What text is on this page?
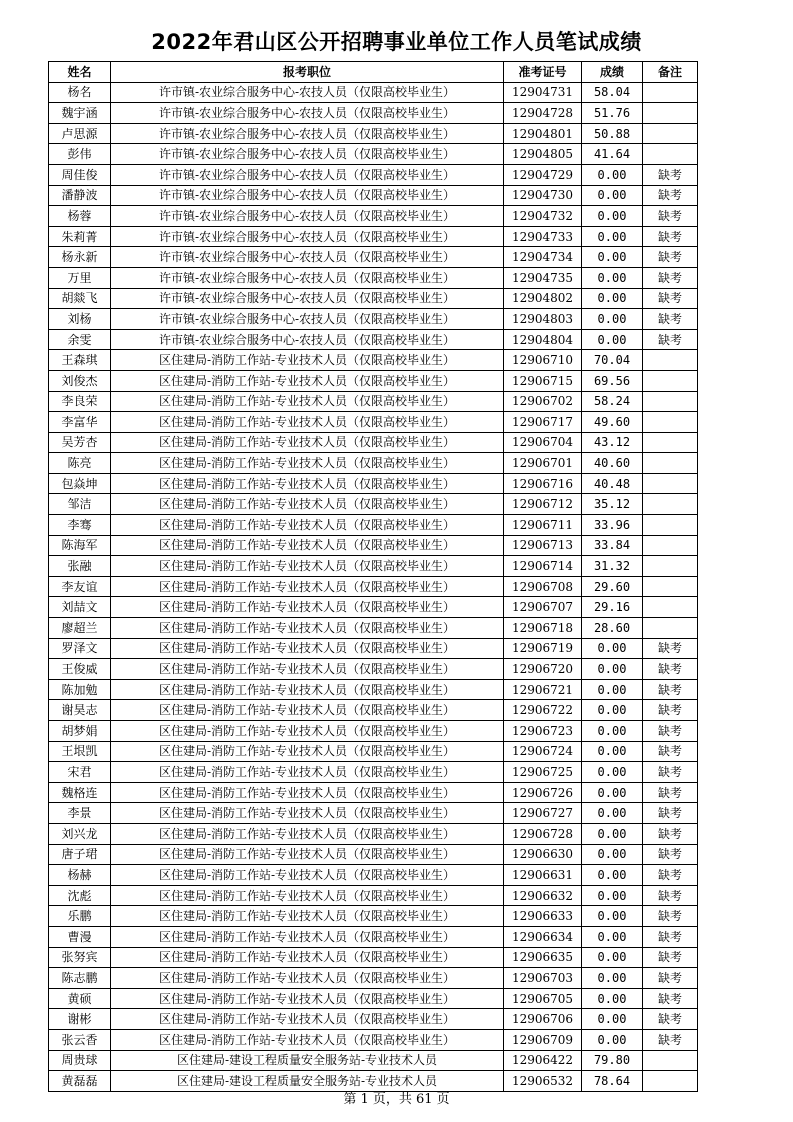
2022年君山区公开招聘事业单位工作人员笔试成绩
姓名	报考职位	准考证号	成绩	备注
杨名	许市镇-农业综合服务中心-农技人员（仅限高校毕业生）	12904731	58.04	
魏宇涵	许市镇-农业综合服务中心-农技人员（仅限高校毕业生）	12904728	51.76	
卢思源	许市镇-农业综合服务中心-农技人员（仅限高校毕业生）	12904801	50.88	
彭伟	许市镇-农业综合服务中心-农技人员（仅限高校毕业生）	12904805	41.64	
周佳俊	许市镇-农业综合服务中心-农技人员（仅限高校毕业生）	12904729	0.00	缺考
潘静波	许市镇-农业综合服务中心-农技人员（仅限高校毕业生）	12904730	0.00	缺考
杨蓉	许市镇-农业综合服务中心-农技人员（仅限高校毕业生）	12904732	0.00	缺考
朱莉菁	许市镇-农业综合服务中心-农技人员（仅限高校毕业生）	12904733	0.00	缺考
杨永新	许市镇-农业综合服务中心-农技人员（仅限高校毕业生）	12904734	0.00	缺考
万里	许市镇-农业综合服务中心-农技人员（仅限高校毕业生）	12904735	0.00	缺考
胡燚飞	许市镇-农业综合服务中心-农技人员（仅限高校毕业生）	12904802	0.00	缺考
刘杨	许市镇-农业综合服务中心-农技人员（仅限高校毕业生）	12904803	0.00	缺考
余雯	许市镇-农业综合服务中心-农技人员（仅限高校毕业生）	12904804	0.00	缺考
王森琪	区住建局-消防工作站-专业技术人员（仅限高校毕业生）	12906710	70.04	
刘俊杰	区住建局-消防工作站-专业技术人员（仅限高校毕业生）	12906715	69.56	
李良荣	区住建局-消防工作站-专业技术人员（仅限高校毕业生）	12906702	58.24	
李富华	区住建局-消防工作站-专业技术人员（仅限高校毕业生）	12906717	49.60	
吴芳杏	区住建局-消防工作站-专业技术人员（仅限高校毕业生）	12906704	43.12	
陈亮	区住建局-消防工作站-专业技术人员（仅限高校毕业生）	12906701	40.60	
包焱坤	区住建局-消防工作站-专业技术人员（仅限高校毕业生）	12906716	40.48	
邹洁	区住建局-消防工作站-专业技术人员（仅限高校毕业生）	12906712	35.12	
李骞	区住建局-消防工作站-专业技术人员（仅限高校毕业生）	12906711	33.96	
陈海军	区住建局-消防工作站-专业技术人员（仅限高校毕业生）	12906713	33.84	
张融	区住建局-消防工作站-专业技术人员（仅限高校毕业生）	12906714	31.32	
李友谊	区住建局-消防工作站-专业技术人员（仅限高校毕业生）	12906708	29.60	
刘喆文	区住建局-消防工作站-专业技术人员（仅限高校毕业生）	12906707	29.16	
廖超兰	区住建局-消防工作站-专业技术人员（仅限高校毕业生）	12906718	28.60	
罗泽文	区住建局-消防工作站-专业技术人员（仅限高校毕业生）	12906719	0.00	缺考
王俊威	区住建局-消防工作站-专业技术人员（仅限高校毕业生）	12906720	0.00	缺考
陈加勉	区住建局-消防工作站-专业技术人员（仅限高校毕业生）	12906721	0.00	缺考
谢昊志	区住建局-消防工作站-专业技术人员（仅限高校毕业生）	12906722	0.00	缺考
胡梦娟	区住建局-消防工作站-专业技术人员（仅限高校毕业生）	12906723	0.00	缺考
王垠凯	区住建局-消防工作站-专业技术人员（仅限高校毕业生）	12906724	0.00	缺考
宋君	区住建局-消防工作站-专业技术人员（仅限高校毕业生）	12906725	0.00	缺考
魏格连	区住建局-消防工作站-专业技术人员（仅限高校毕业生）	12906726	0.00	缺考
李景	区住建局-消防工作站-专业技术人员（仅限高校毕业生）	12906727	0.00	缺考
刘兴龙	区住建局-消防工作站-专业技术人员（仅限高校毕业生）	12906728	0.00	缺考
唐子珺	区住建局-消防工作站-专业技术人员（仅限高校毕业生）	12906630	0.00	缺考
杨赫	区住建局-消防工作站-专业技术人员（仅限高校毕业生）	12906631	0.00	缺考
沈彪	区住建局-消防工作站-专业技术人员（仅限高校毕业生）	12906632	0.00	缺考
乐鹏	区住建局-消防工作站-专业技术人员（仅限高校毕业生）	12906633	0.00	缺考
曹漫	区住建局-消防工作站-专业技术人员（仅限高校毕业生）	12906634	0.00	缺考
张努宾	区住建局-消防工作站-专业技术人员（仅限高校毕业生）	12906635	0.00	缺考
陈志鹏	区住建局-消防工作站-专业技术人员（仅限高校毕业生）	12906703	0.00	缺考
黄硕	区住建局-消防工作站-专业技术人员（仅限高校毕业生）	12906705	0.00	缺考
谢彬	区住建局-消防工作站-专业技术人员（仅限高校毕业生）	12906706	0.00	缺考
张云香	区住建局-消防工作站-专业技术人员（仅限高校毕业生）	12906709	0.00	缺考
周贵球	区住建局-建设工程质量安全服务站-专业技术人员	12906422	79.80	
黄磊磊	区住建局-建设工程质量安全服务站-专业技术人员	12906532	78.64	
第 1 页，共 61 页
